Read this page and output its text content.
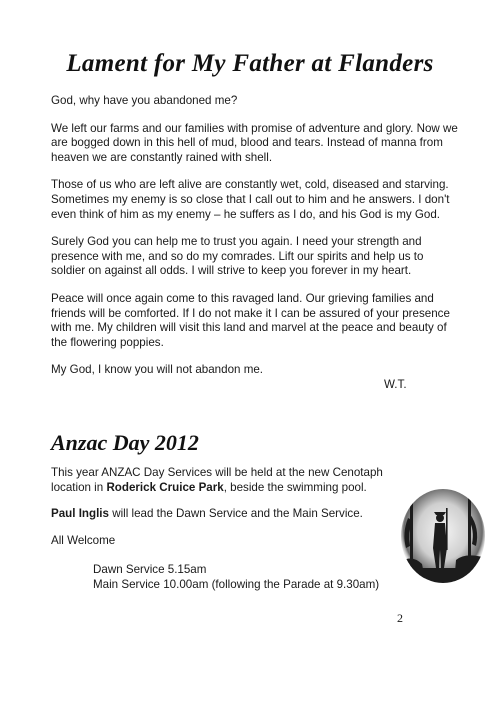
Lament for My Father at Flanders

God, why have you abandoned me?

We left our farms and our families with promise of adventure and glory. Now we are bogged down in this hell of mud, blood and tears. Instead of manna from heaven we are constantly rained with shell.

Those of us who are left alive are constantly wet, cold, diseased and starving. Sometimes my enemy is so close that I call out to him and he answers. I don't even think of him as my enemy – he suffers as I do, and his God is my God.

Surely God you can help me to trust you again. I need your strength and presence with me, and so do my comrades. Lift our spirits and help us to soldier on against all odds. I will strive to keep you forever in my heart.

Peace will once again come to this ravaged land. Our grieving families and friends will be comforted. If I do not make it I can be assured of your presence with me. My children will visit this land and marvel at the peace and beauty of the flowering poppies.

My God, I know you will not abandon me.

W.T.
Anzac Day 2012

This year ANZAC Day Services will be held at the new Cenotaph location in Roderick Cruice Park, beside the swimming pool.

Paul Inglis will lead the Dawn Service and the Main Service.

All Welcome

Dawn Service 5.15am
Main Service 10.00am (following the Parade at 9.30am)
2
